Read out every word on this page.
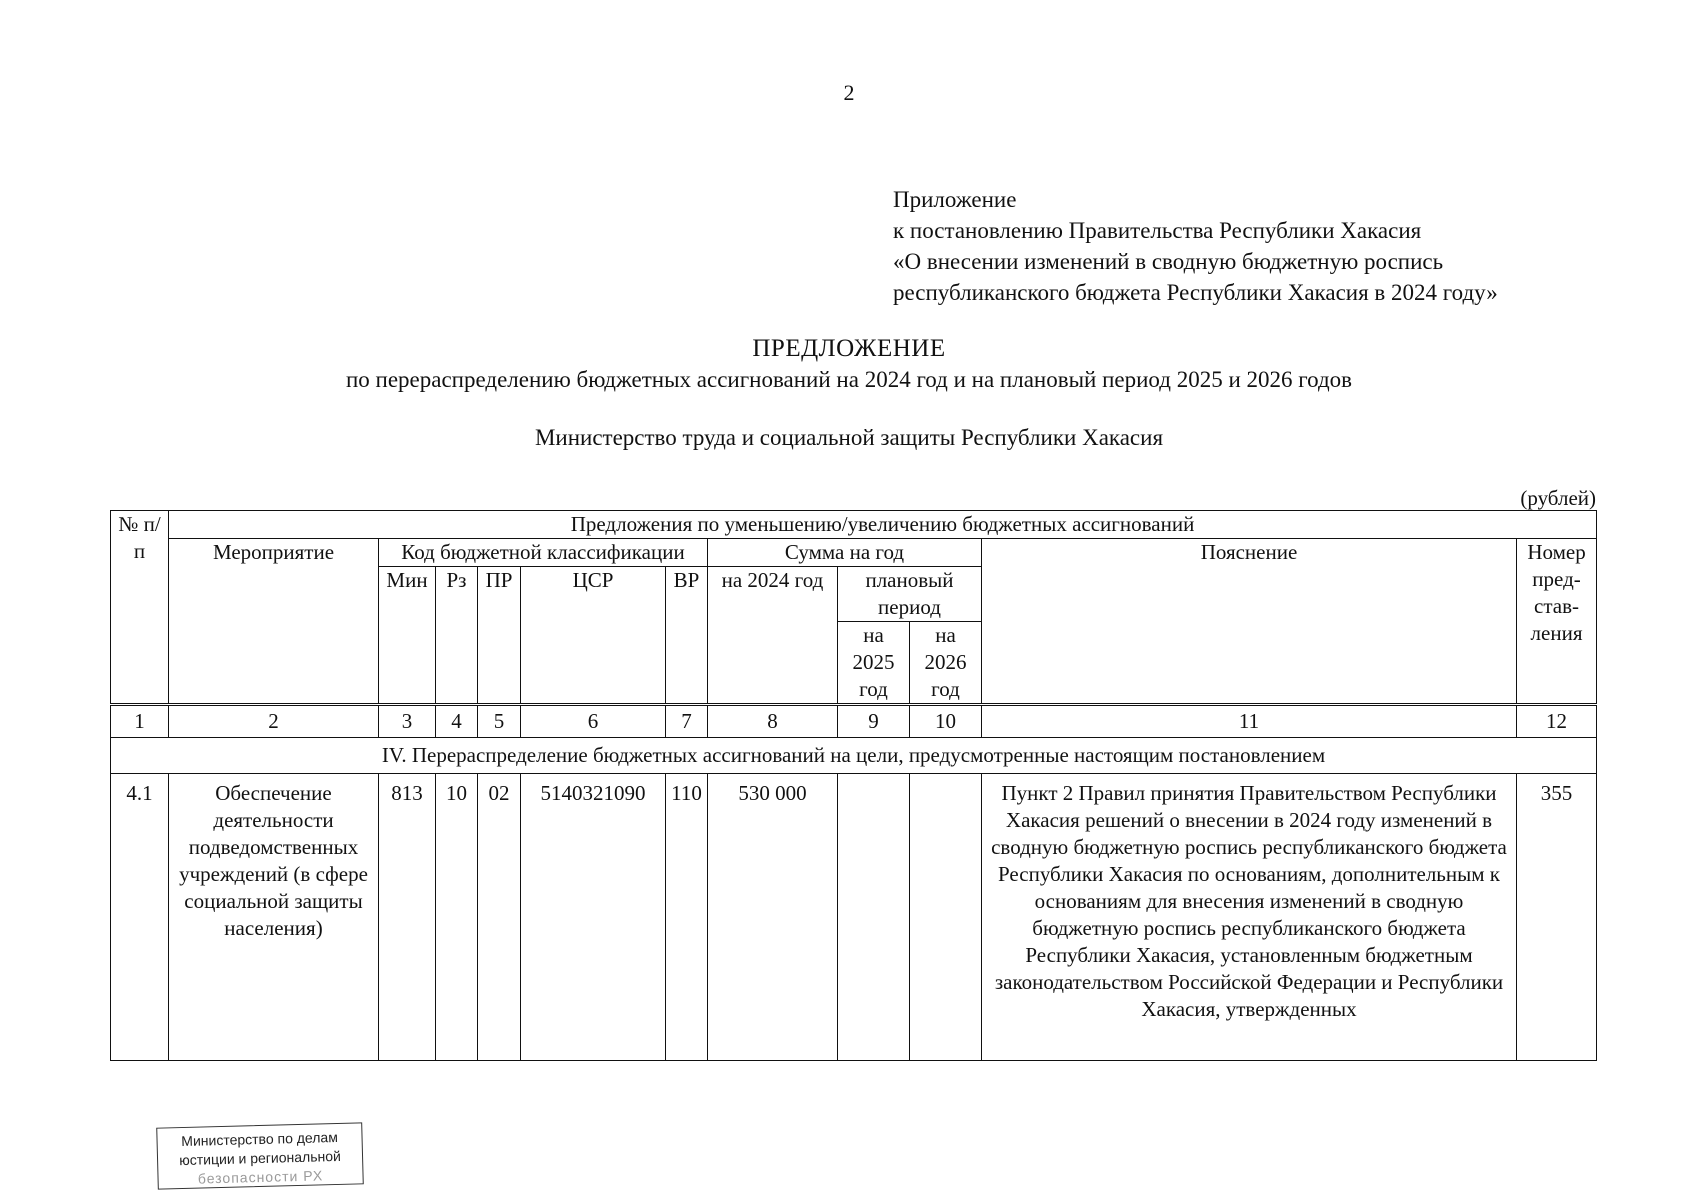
2
Приложение
к постановлению Правительства Республики Хакасия
«О внесении изменений в сводную бюджетную роспись
республиканского бюджета Республики Хакасия в 2024 году»
ПРЕДЛОЖЕНИЕ
по перераспределению бюджетных ассигнований на 2024 год и на плановый период 2025 и 2026 годов
Министерство труда и социальной защиты Республики Хакасия
(рублей)
№ п/п	Предложения по уменьшению/увеличению бюджетных ассигнований										
	Мероприятие	Код бюджетной классификации					Сумма на год			Пояснение	Номер пред-став-ления
		Мин	Рз	ПР	ЦСР	ВР	на 2024 год	плановый период			
								на 2025 год	на 2026 год		
1	2	3	4	5	6	7	8	9	10	11	12
IV. Перераспределение бюджетных ассигнований на цели, предусмотренные настоящим постановлением											
4.1	Обеспечение деятельности подведомственных учреждений (в сфере социальной защиты населения)	813	10	02	5140321090	110	530 000			Пункт 2 Правил принятия Правительством Республики Хакасия решений о внесении в 2024 году изменений в сводную бюджетную роспись республиканского бюджета Республики Хакасия по основаниям, дополнительным к основаниям для внесения изменений в сводную бюджетную роспись республиканского бюджета Республики Хакасия, установленным бюджетным законодательством Российской Федерации и Республики Хакасия, утвержденных	355
Министерство по делам
юстиции и региональной
безопасности РХ
